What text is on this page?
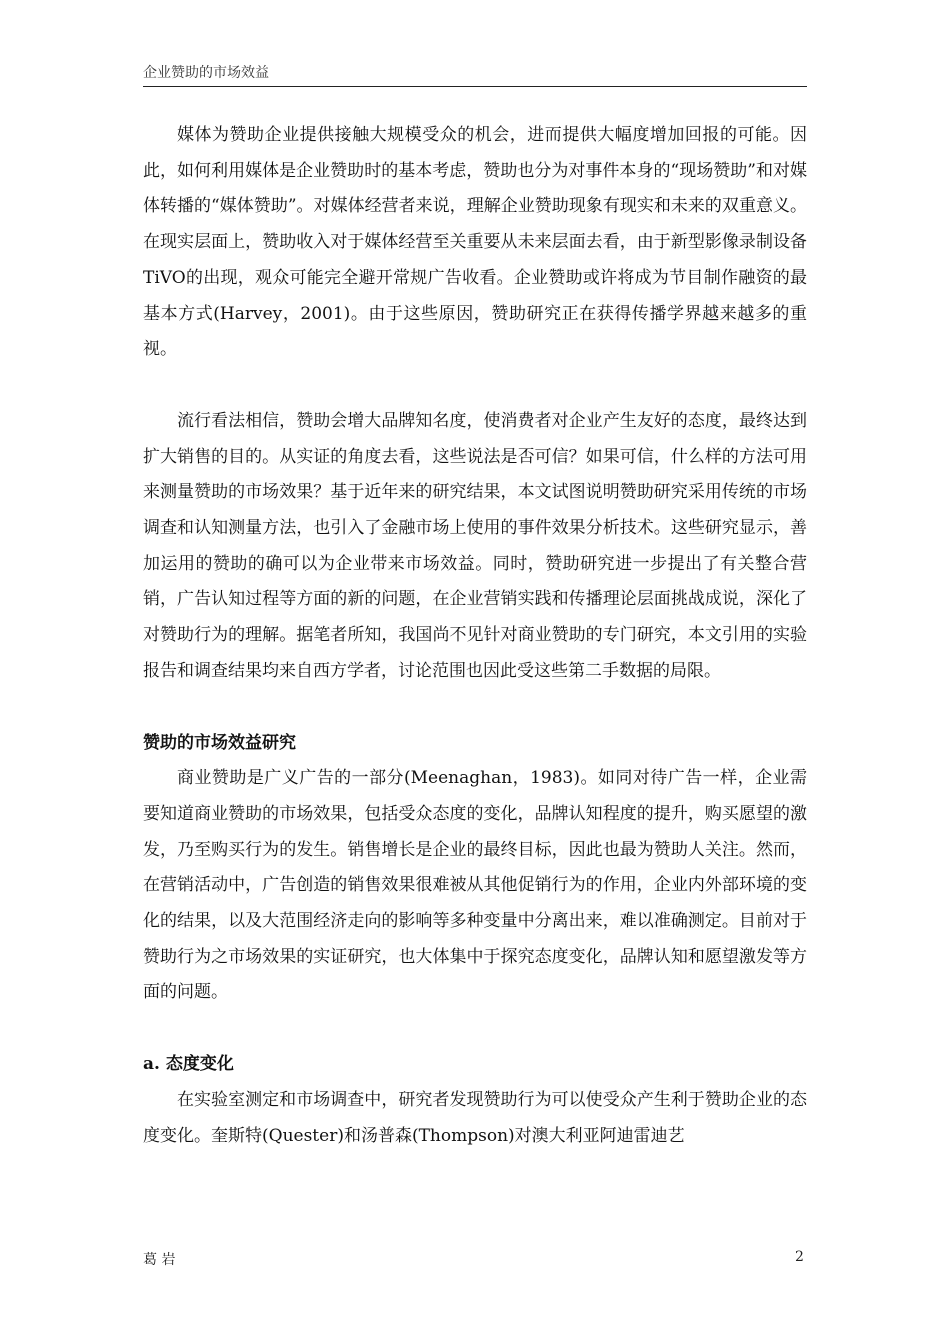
企业赞助的市场效益

媒体为赞助企业提供接触大规模受众的机会，进而提供大幅度增加回报的可能。因此，如何利用媒体是企业赞助时的基本考虑，赞助也分为对事件本身的“现场赞助”和对媒体转播的“媒体赞助”。对媒体经营者来说，理解企业赞助现象有现实和未来的双重意义。在现实层面上，赞助收入对于媒体经营至关重要从未来层面去看，由于新型影像录制设备TiVO的出现，观众可能完全避开常规广告收看。企业赞助或许将成为节目制作融资的最基本方式(Harvey，2001)。由于这些原因，赞助研究正在获得传播学界越来越多的重视。

流行看法相信，赞助会增大品牌知名度，使消费者对企业产生友好的态度，最终达到扩大销售的目的。从实证的角度去看，这些说法是否可信？如果可信，什么样的方法可用来测量赞助的市场效果？基于近年来的研究结果，本文试图说明赞助研究采用传统的市场调查和认知测量方法，也引入了金融市场上使用的事件效果分析技术。这些研究显示，善加运用的赞助的确可以为企业带来市场效益。同时，赞助研究进一步提出了有关整合营销，广告认知过程等方面的新的问题，在企业营销实践和传播理论层面挑战成说，深化了对赞助行为的理解。据笔者所知，我国尚不见针对商业赞助的专门研究，本文引用的实验报告和调查结果均来自西方学者，讨论范围也因此受这些第二手数据的局限。

赞助的市场效益研究

商业赞助是广义广告的一部分(Meenaghan，1983)。如同对待广告一样，企业需要知道商业赞助的市场效果，包括受众态度的变化，品牌认知程度的提升，购买愿望的激发，乃至购买行为的发生。销售增长是企业的最终目标，因此也最为赞助人关注。然而，在营销活动中，广告创造的销售效果很难被从其他促销行为的作用，企业内外部环境的变化的结果，以及大范围经济走向的影响等多种变量中分离出来，难以准确测定。目前对于赞助行为之市场效果的实证研究，也大体集中于探究态度变化，品牌认知和愿望激发等方面的问题。

a. 态度变化

在实验室测定和市场调查中，研究者发现赞助行为可以使受众产生利于赞助企业的态度变化。奎斯特(Quester)和汤普森(Thompson)对澳大利亚阿迪雷迪艺

葛 岩	2
